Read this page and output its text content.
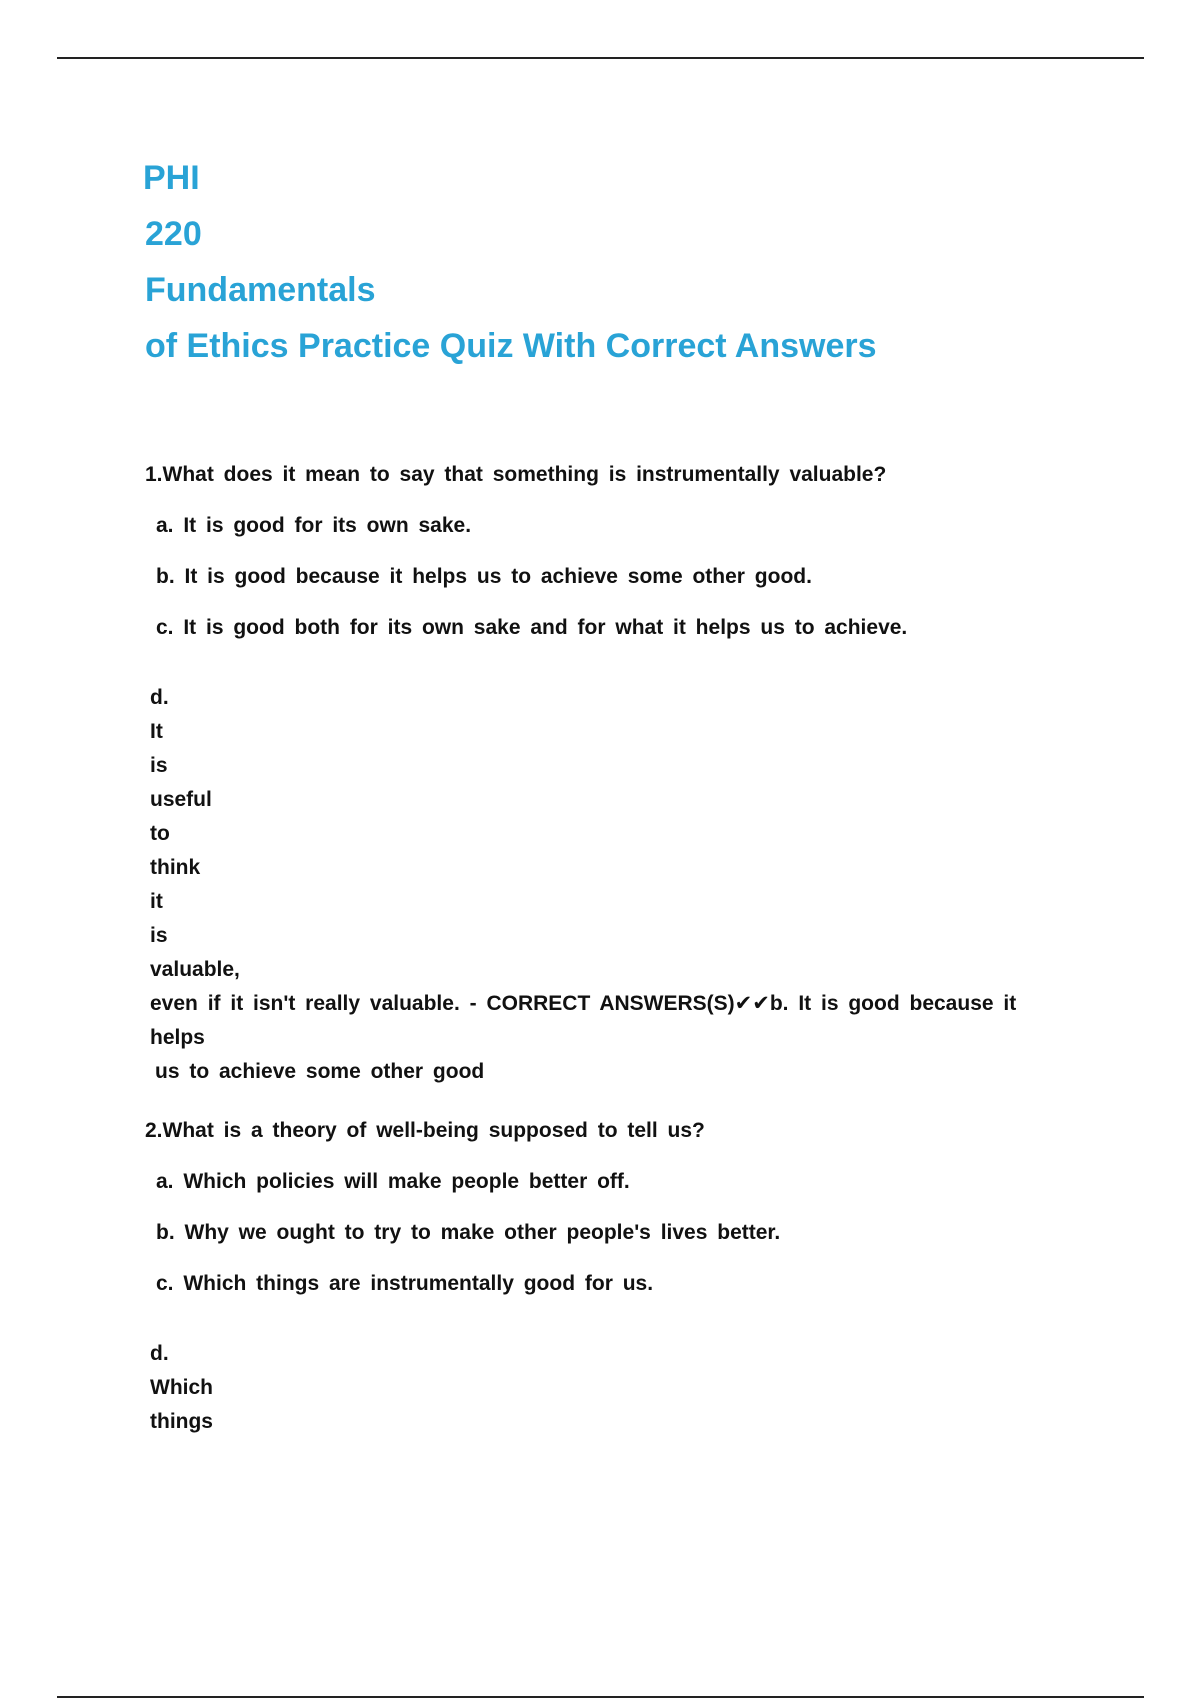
PHI
220
Fundamentals
of Ethics Practice Quiz With Correct Answers

1.What does it mean to say that something is instrumentally valuable?

a. It is good for its own sake.

b. It is good because it helps us to achieve some other good.

c. It is good both for its own sake and for what it helps us to achieve.

d.
It
is
useful
to
think
it
is
valuable,
even if it isn't really valuable. - CORRECT ANSWERS(S)✔✔b. It is good because it helps
us to achieve some other good

2.What is a theory of well-being supposed to tell us?

a. Which policies will make people better off.

b. Why we ought to try to make other people's lives better.

c. Which things are instrumentally good for us.

d.
Which
things
